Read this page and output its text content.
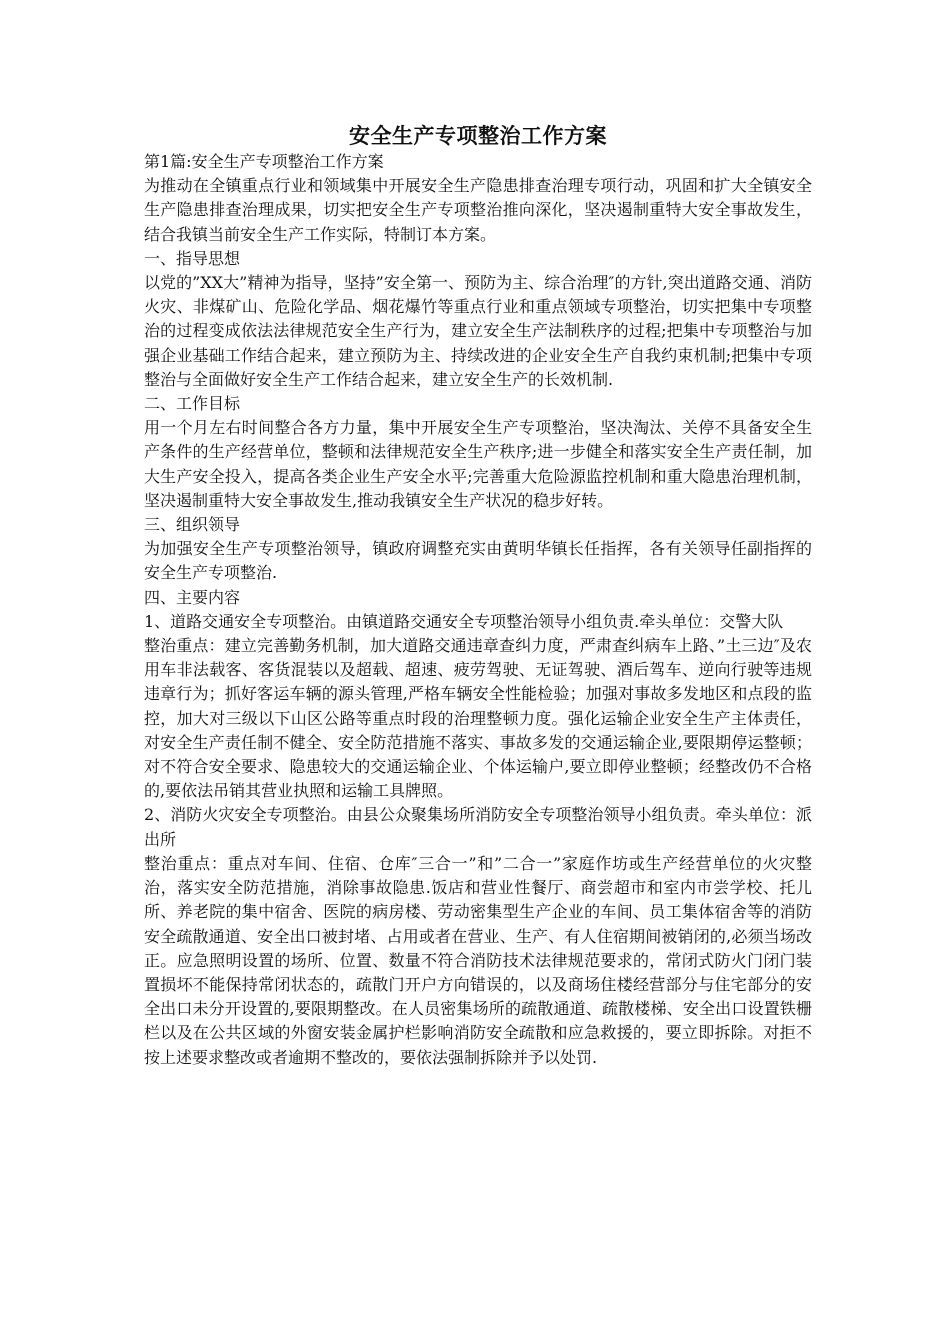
安全生产专项整治工作方案

第1篇:安全生产专项整治工作方案

为推动在全镇重点行业和领域集中开展安全生产隐患排查治理专项行动，巩固和扩大全镇安全生产隐患排查治理成果，切实把安全生产专项整治推向深化，坚决遏制重特大安全事故发生，结合我镇当前安全生产工作实际，特制订本方案。

一、指导思想

以党的”XX大”精神为指导，坚持”安全第一、预防为主、综合治理″的方针,突出道路交通、消防火灾、非煤矿山、危险化学品、烟花爆竹等重点行业和重点领域专项整治，切实把集中专项整治的过程变成依法法律规范安全生产行为，建立安全生产法制秩序的过程;把集中专项整治与加强企业基础工作结合起来，建立预防为主、持续改进的企业安全生产自我约束机制;把集中专项整治与全面做好安全生产工作结合起来，建立安全生产的长效机制.

二、工作目标

用一个月左右时间整合各方力量，集中开展安全生产专项整治，坚决淘汰、关停不具备安全生产条件的生产经营单位，整顿和法律规范安全生产秩序;进一步健全和落实安全生产责任制，加大生产安全投入，提高各类企业生产安全水平;完善重大危险源监控机制和重大隐患治理机制，坚决遏制重特大安全事故发生,推动我镇安全生产状况的稳步好转。

三、组织领导

为加强安全生产专项整治领导，镇政府调整充实由黄明华镇长任指挥，各有关领导任副指挥的安全生产专项整治.

四、主要内容

1、道路交通安全专项整治。由镇道路交通安全专项整治领导小组负责.牵头单位：交警大队

整治重点：建立完善勤务机制，加大道路交通违章查纠力度，严肃查纠病车上路、”土三边″及农用车非法载客、客货混装以及超载、超速、疲劳驾驶、无证驾驶、酒后驾车、逆向行驶等违规违章行为；抓好客运车辆的源头管理,严格车辆安全性能检验；加强对事故多发地区和点段的监控，加大对三级以下山区公路等重点时段的治理整顿力度。强化运输企业安全生产主体责任，对安全生产责任制不健全、安全防范措施不落实、事故多发的交通运输企业,要限期停运整顿；对不符合安全要求、隐患较大的交通运输企业、个体运输户,要立即停业整顿；经整改仍不合格的,要依法吊销其营业执照和运输工具牌照。

2、消防火灾安全专项整治。由县公众聚集场所消防安全专项整治领导小组负责。牵头单位：派出所

整治重点：重点对车间、住宿、仓库″三合一”和”二合一”家庭作坊或生产经营单位的火灾整治，落实安全防范措施，消除事故隐患.饭店和营业性餐厅、商尝超市和室内市尝学校、托儿所、养老院的集中宿舍、医院的病房楼、劳动密集型生产企业的车间、员工集体宿舍等的消防安全疏散通道、安全出口被封堵、占用或者在营业、生产、有人住宿期间被销闭的,必须当场改正。应急照明设置的场所、位置、数量不符合消防技术法律规范要求的，常闭式防火门闭门装置损坏不能保持常闭状态的，疏散门开户方向错误的，以及商场住楼经营部分与住宅部分的安全出口未分开设置的,要限期整改。在人员密集场所的疏散通道、疏散楼梯、安全出口设置铁栅栏以及在公共区域的外窗安装金属护栏影响消防安全疏散和应急救援的，要立即拆除。对拒不按上述要求整改或者逾期不整改的，要依法强制拆除并予以处罚.
